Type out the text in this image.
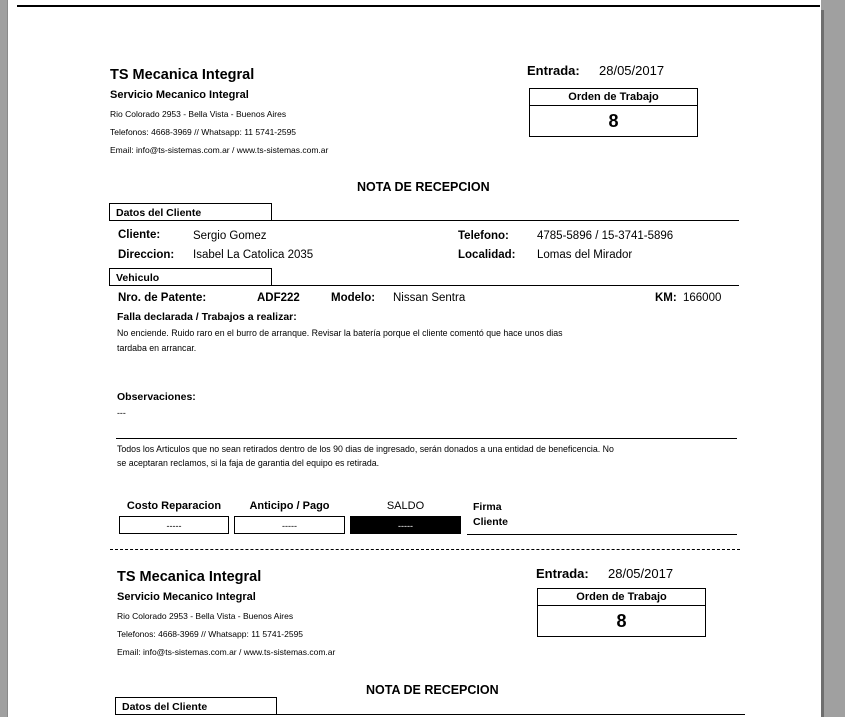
TS Mecanica Integral
Servicio Mecanico Integral
Rio Colorado 2953 - Bella Vista - Buenos Aires
Telefonos: 4668-3969 // Whatsapp: 11 5741-2595
Email: info@ts-sistemas.com.ar / www.ts-sistemas.com.ar
Entrada: 28/05/2017
Orden de Trabajo
8
NOTA DE RECEPCION
Datos del Cliente
Cliente:	Sergio Gomez	Telefono: 4785-5896 / 15-3741-5896
Direccion: Isabel La Catolica 2035	Localidad: Lomas del Mirador
Vehiculo
Nro. de Patente:	ADF222	Modelo: Nissan Sentra	KM: 166000
Falla declarada / Trabajos a realizar:
No enciende. Ruido raro en el burro de arranque. Revisar la batería porque el cliente comentó que hace unos dias
tardaba en arrancar.
Observaciones:
---
Todos los Articulos que no sean retirados dentro de los 90 dias de ingresado, serán donados a una entidad de beneficencia. No
se aceptaran reclamos, si la faja de garantia del equipo es retirada.
Costo Reparacion
-----
Anticipo / Pago
-----
SALDO
-----
Firma
Cliente
TS Mecanica Integral
Servicio Mecanico Integral
Rio Colorado 2953 - Bella Vista - Buenos Aires
Telefonos: 4668-3969 // Whatsapp: 11 5741-2595
Email: info@ts-sistemas.com.ar / www.ts-sistemas.com.ar
Entrada: 28/05/2017
Orden de Trabajo
8
NOTA DE RECEPCION
Datos del Cliente
